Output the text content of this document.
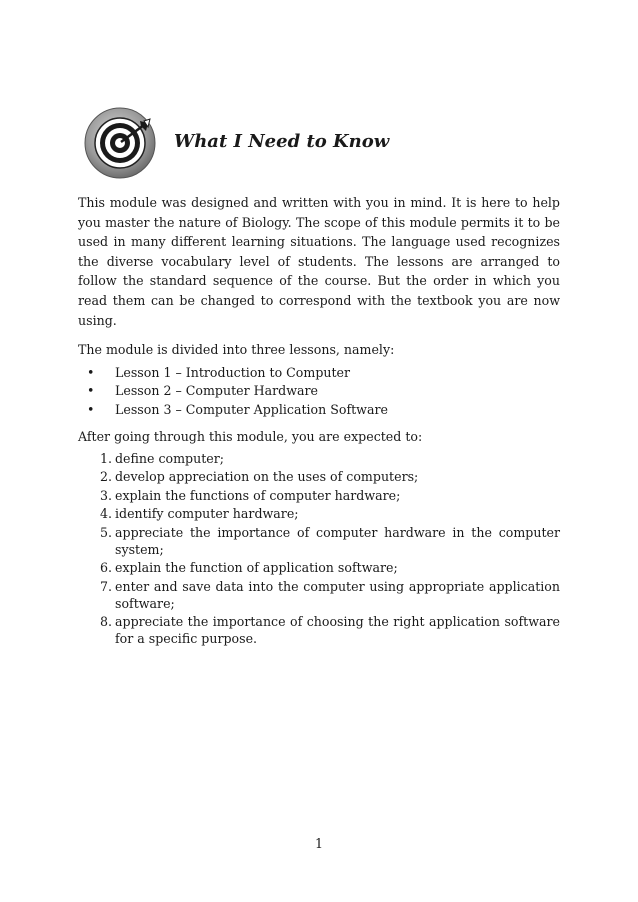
What I Need to Know

This module was designed and written with you in mind. It is here to help you master the nature of Biology. The scope of this module permits it to be used in many different learning situations. The language used recognizes the diverse vocabulary level of students. The lessons are arranged to follow the standard sequence of the course. But the order in which you read them can be changed to correspond with the textbook you are now using.

The module is divided into three lessons, namely:

• Lesson 1 – Introduction to Computer
• Lesson 2 – Computer Hardware
• Lesson 3 – Computer Application Software

After going through this module, you are expected to:

1. define computer;
2. develop appreciation on the uses of computers;
3. explain the functions of computer hardware;
4. identify computer hardware;
5. appreciate the importance of computer hardware in the computer system;
6. explain the function of application software;
7. enter and save data into the computer using appropriate application software;
8. appreciate the importance of choosing the right application software for a specific purpose.
1
